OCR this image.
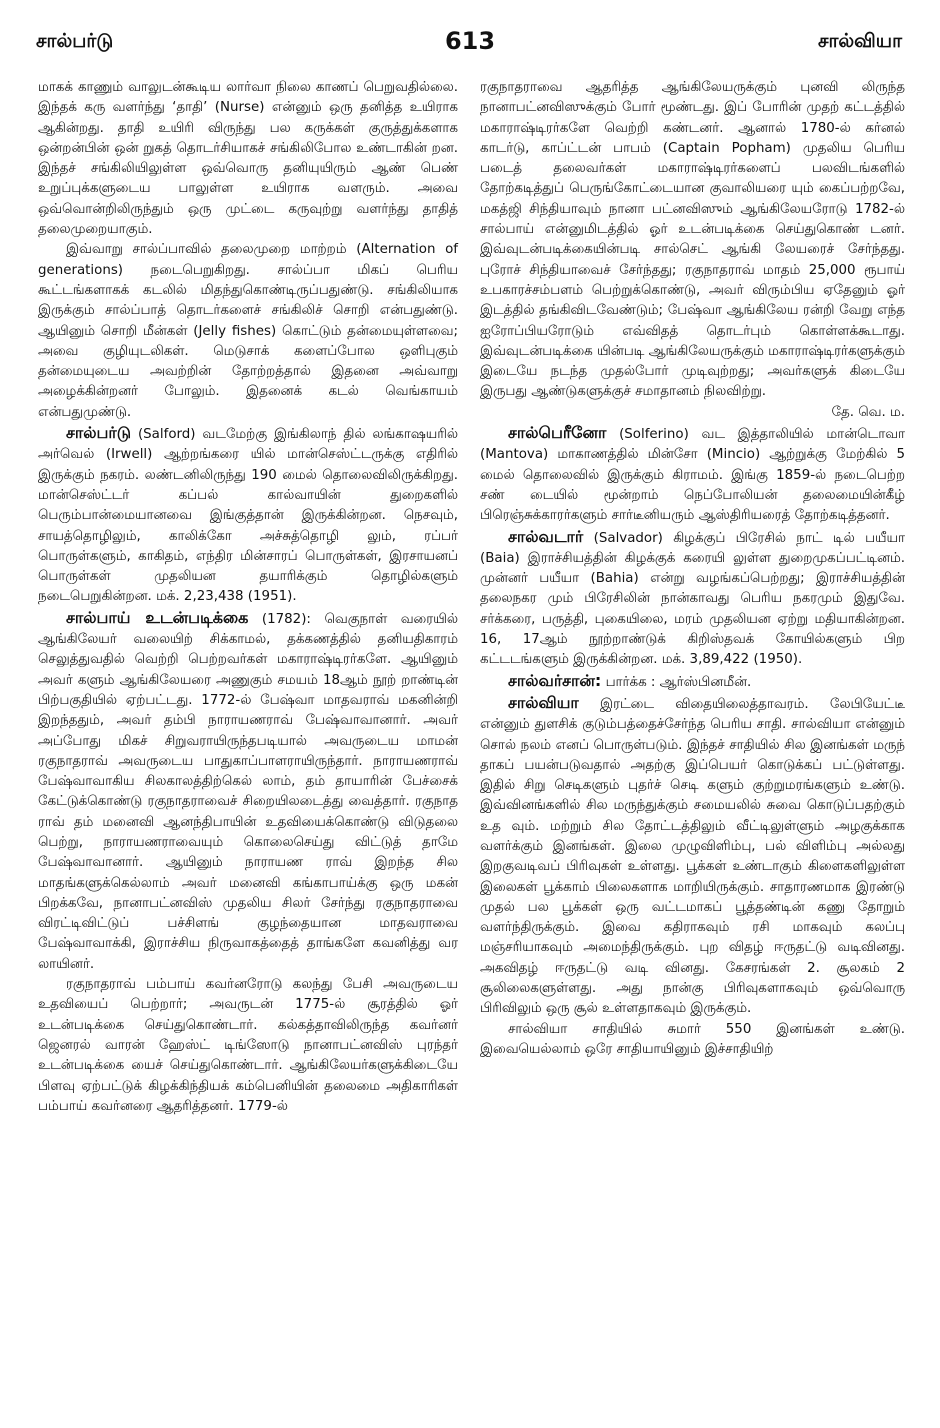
சால்பர்டு	613	சால்வியா

மாகக் காணும் வாலுடன்கூடிய லார்வா நிலை காணப் பெறுவதில்லை. இந்தக் கரு வளர்ந்து ‘தாதி’ (Nurse) என்னும் ஒரு தனித்த உயிராக ஆகின்றது. தாதி உயிரி விருந்து பல கருக்கள் குருத்துக்களாக ஒன்றன்பின் ஒன் றுகத் தொடர்சியாகச் சங்கிலிபோல உண்டாகின் றன. இந்தச் சங்கிலியிலுள்ள ஒவ்வொரு தனியுயிரும் ஆண் பெண் உறுப்புக்களுடைய பாலுள்ள உயிராக வளரும். அவை ஒவ்வொன்றிலிருந்தும் ஒரு முட்டை கருவுற்று வளர்ந்து தாதித் தலைமுறையாகும்.

இவ்வாறு சால்ப்பாவில் தலைமுறை மாற்றம் (Alternation of generations) நடைபெறுகிறது. சால்ப்பா மிகப் பெரிய கூட்டங்களாகக் கடலில் மிதந்துகொண்டிருப்பதுண்டு. சங்கிலியாக இருக்கும் சால்ப்பாத் தொடர்களைச் சங்கிலிச் சொறி என்பதுண்டு. ஆயினும் சொறி மீன்கள் (Jelly fishes) கொட்டும் தன்மையுள்ளவை; அவை குழியுடலிகள். மெடுசாக் களைப்போல ஒளிபுகும் தன்மையுடைய அவற்றின் தோற்றத்தால் இதனை அவ்வாறு அழைக்கின்றனர் போலும். இதனைக் கடல் வெங்காயம் என்பதுமுண்டு.

சால்பர்டு (Salford) வடமேற்கு இங்கிலாந் தில் லங்காஷயரில் அர்வெல் (Irwell) ஆற்றங்கரை யில் மான்செஸ்ட்டருக்கு எதிரில் இருக்கும் நகரம். லண்டனிலிருந்து 190 மைல் தொலைவிலிருக்கிறது. மான்செஸ்ட்டர் கப்பல் கால்வாயின் துறைகளில் பெரும்பான்மையானவை இங்குத்தான் இருக்கின்றன. நெசவும், சாயத்தொழிலும், காலிக்கோ அச்சுத்தொழி லும், ரப்பர் பொருள்களும், காகிதம், எந்திர மின்சாரப் பொருள்கள், இரசாயனப் பொருள்கள் முதலியன தயாரிக்கும் தொழில்களும் நடைபெறுகின்றன. மக். 2,23,438 (1951).

சால்பாய் உடன்படிக்கை (1782): வெகுநாள் வரையில் ஆங்கிலேயர் வலையிற் சிக்காமல், தக்கணத்தில் தனியதிகாரம் செலுத்துவதில் வெற்றி பெற்றவர்கள் மகாராஷ்டிரர்களே. ஆயினும் அவர் களும் ஆங்கிலேயரை அணுகும் சமயம் 18ஆம் நூற் றாண்டின் பிற்பகுதியில் ஏற்பட்டது. 1772-ல் பேஷ்வா மாதவராவ் மகனின்றி இறந்ததும், அவர் தம்பி நாராயணராவ் பேஷ்வாவானார். அவர் அப்போது மிகச் சிறுவராயிருந்தபடியால் அவருடைய மாமன் ரகுநாதராவ் அவருடைய பாதுகாப்பாளராயிருந்தார். நாராயணராவ் பேஷ்வாவாகிய சிலகாலத்திற்கெல் லாம், தம் தாயாரின் பேச்சைக் கேட்டுக்கொண்டு ரகுநாதராவைச் சிறையிலடைத்து வைத்தார். ரகுநாத ராவ் தம் மனைவி ஆனந்திபாயின் உதவியைக்கொண்டு விடுதலை பெற்று, நாராயணராவையும் கொலைசெய்து விட்டுத் தாமே பேஷ்வாவானார். ஆயினும் நாராயண ராவ் இறந்த சில மாதங்களுக்கெல்லாம் அவர் மனைவி கங்காபாய்க்கு ஒரு மகன் பிறக்கவே, நானாபட்னவிஸ் முதலிய சிலர் சேர்ந்து ரகுநாதராவை விரட்டிவிட்டுப் பச்சிளங் குழந்தையான மாதவராவை பேஷ்வாவாக்கி, இராச்சிய நிருவாகத்தைத் தாங்களே கவனித்து வர லாயினர்.

ரகுநாதராவ் பம்பாய் கவர்னரோடு கலந்து பேசி அவருடைய உதவியைப் பெற்றார்; அவருடன் 1775-ல் சூரத்தில் ஓர் உடன்படிக்கை செய்துகொண்டார். கல்கத்தாவிலிருந்த கவர்னர் ஜெனரல் வாரன் ஹேஸ்ட் டிங்ஸோடு நானாபட்னவிஸ் புரந்தர் உடன்படிக்கை யைச் செய்துகொண்டார். ஆங்கிலேயர்களுக்கிடையே பிளவு ஏற்பட்டுக் கிழக்கிந்தியக் கம்பெனியின் தலைமை அதிகாரிகள் பம்பாய் கவர்னரை ஆதரித்தனர். 1779-ல்

ரகுநாதராவை ஆதரித்த ஆங்கிலேயருக்கும் புனவி லிருந்த நானாபட்னவிஸுக்கும் போர் மூண்டது. இப் போரின் முதற் கட்டத்தில் மகாராஷ்டிரர்களே வெற்றி கண்டனர். ஆனால் 1780-ல் கர்னல் காடர்டு, காப்ட்டன் பாபம் (Captain Popham) முதலிய பெரிய படைத் தலைவர்கள் மகாராஷ்டிரர்களைப் பலவிடங்களில் தோற்கடித்துப் பெருங்கோட்டையான குவாலியரை யும் கைப்பற்றவே, மகத்ஜி சிந்தியாவும் நானா பட்னவிஸும் ஆங்கிலேயரோடு 1782-ல் சால்பாய் என்னுமிடத்தில் ஓர் உடன்படிக்கை செய்துகொண் டனர். இவ்வுடன்படிக்கையின்படி சால்செட் ஆங்கி லேயரைச் சேர்ந்தது. புரோச் சிந்தியாவைச் சேர்ந்தது; ரகுநாதராவ் மாதம் 25,000 ரூபாய் உபகாரச்சம்பளம் பெற்றுக்கொண்டு, அவர் விரும்பிய ஏதேனும் ஓர் இடத்தில் தங்கிவிடவேண்டும்; பேஷ்வா ஆங்கிலேய ரன்றி வேறு எந்த ஐரோப்பியரோடும் எவ்விதத் தொடர்பும் கொள்ளக்கூடாது. இவ்வுடன்படிக்கை யின்படி ஆங்கிலேயருக்கும் மகாராஷ்டிரர்களுக்கும் இடையே நடந்த முதல்போர் முடிவுற்றது; அவர்களுக் கிடையே இருபது ஆண்டுகளுக்குச் சமாதானம் நிலவிற்று.

தே. வெ. ம.

சால்பெரீனோ (Solferino) வட இத்தாலியில் மான்டொவா (Mantova) மாகாணத்தில் மின்சோ (Mincio) ஆற்றுக்கு மேற்கில் 5 மைல் தொலைவில் இருக்கும் கிராமம். இங்கு 1859-ல் நடைபெற்ற சண் டையில் மூன்றாம் நெப்போலியன் தலைமையின்கீழ் பிரெஞ்சுக்காரர்களும் சார்டீனியரும் ஆஸ்திரியரைத் தோற்கடித்தனர்.

சால்வடார் (Salvador) கிழக்குப் பிரேசில் நாட் டில் பயீயா (Baia) இராச்சியத்தின் கிழக்குக் கரையி லுள்ள துறைமுகப்பட்டினம். முன்னர் பயீயா (Bahia) என்று வழங்கப்பெற்றது; இராச்சியத்தின் தலைநகர மும் பிரேசிலின் நான்காவது பெரிய நகரமும் இதுவே. சர்க்கரை, பருத்தி, புகையிலை, மரம் முதலியன ஏற்று மதியாகின்றன. 16, 17ஆம் நூற்றாண்டுக் கிறிஸ்தவக் கோயில்களும் பிற கட்டடங்களும் இருக்கின்றன. மக். 3,89,422 (1950).

சால்வர்சான்: பார்க்க : ஆர்ஸ்பினமீன்.

சால்வியா இரட்டை விதையிலைத்தாவரம். லேபியேட்டீ என்னும் துளசிக் குடும்பத்தைச்சேர்ந்த பெரிய சாதி. சால்வியா என்னும் சொல் நலம் எனப் பொருள்படும். இந்தச் சாதியில் சில இனங்கள் மருந் தாகப் பயன்படுவதால் அதற்கு இப்பெயர் கொடுக்கப் பட்டுள்ளது. இதில் சிறு செடிகளும் புதர்ச் செடி களும் குற்றுமரங்களும் உண்டு. இவ்வினங்களில் சில மருந்துக்கும் சமையலில் சுவை கொடுப்பதற்கும் உத வும். மற்றும் சில தோட்டத்திலும் வீட்டிலுள்ளும் அழகுக்காக வளர்க்கும் இனங்கள். இலை முழுவிளிம்பு, பல் விளிம்பு அல்லது இறகுவடிவப் பிரிவுகள் உள்ளது. பூக்கள் உண்டாகும் கிளைகளிலுள்ள இலைகள் பூக்காம் பிலைகளாக மாறியிருக்கும். சாதாரணமாக இரண்டு முதல் பல பூக்கள் ஒரு வட்டமாகப் பூத்தண்டின் கணு தோறும் வளர்ந்திருக்கும். இவை கதிராகவும் ரசி மாகவும் கலப்பு மஞ்சரியாகவும் அமைந்திருக்கும். புற விதழ் ஈருதட்டு வடிவினது. அகவிதழ் ஈருதட்டு வடி வினது. கேசரங்கள் 2. சூலகம் 2 சூலிலைகளுள்ளது. அது நான்கு பிரிவுகளாகவும் ஒவ்வொரு பிரிவிலும் ஒரு சூல் உள்ளதாகவும் இருக்கும்.

சால்வியா சாதியில் சுமார் 550 இனங்கள் உண்டு. இவையெல்லாம் ஒரே சாதியாயினும் இச்சாதியிற்
